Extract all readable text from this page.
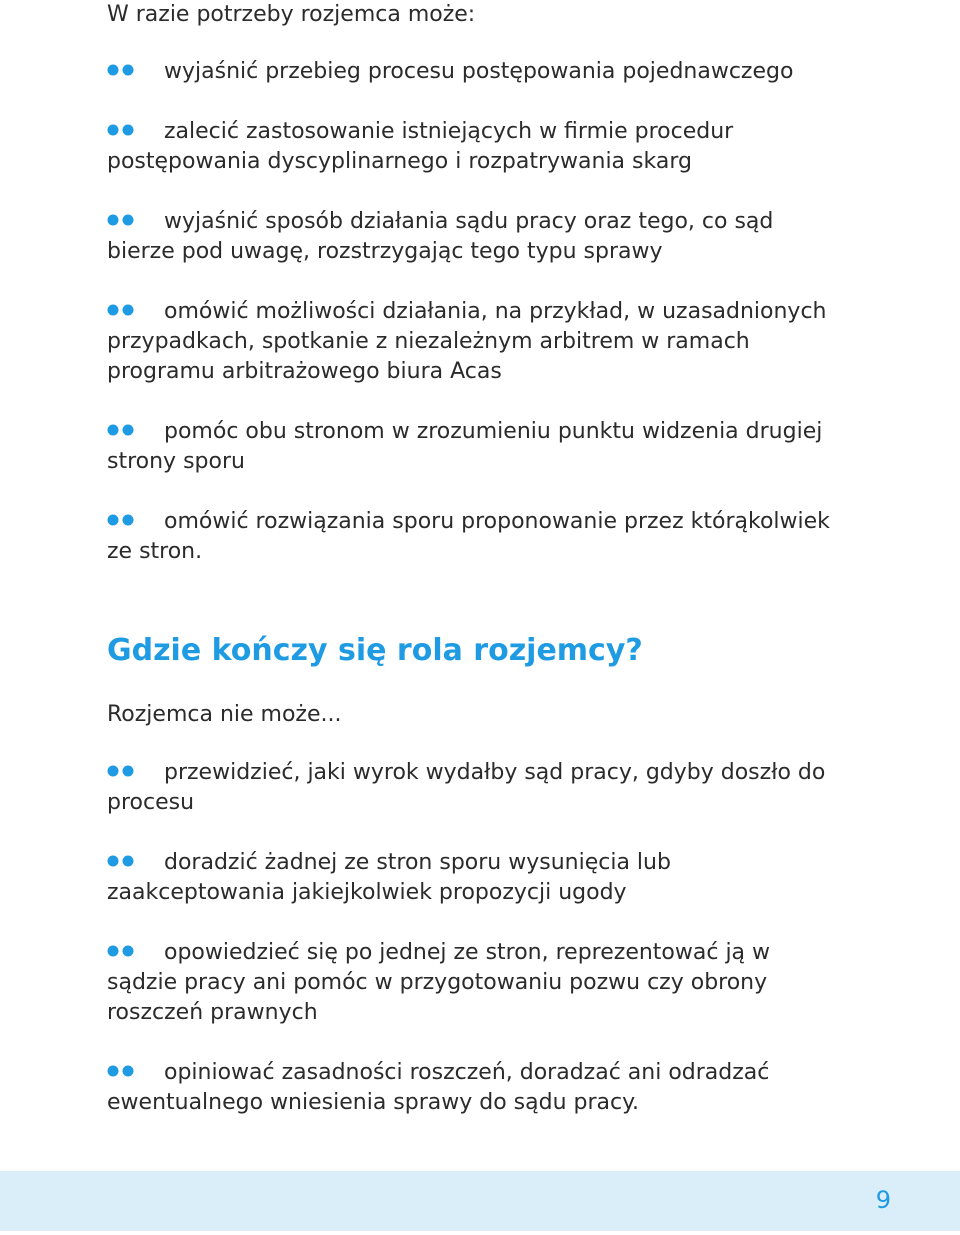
W razie potrzeby rozjemca może:
wyjaśnić przebieg procesu postępowania pojednawczego
zalecić zastosowanie istniejących w firmie procedur postępowania dyscyplinarnego i rozpatrywania skarg
wyjaśnić sposób działania sądu pracy oraz tego, co sąd bierze pod uwagę, rozstrzygając tego typu sprawy
omówić możliwości działania, na przykład, w uzasadnionych przypadkach, spotkanie z niezależnym arbitrem w ramach programu arbitrażowego biura Acas
pomóc obu stronom w zrozumieniu punktu widzenia drugiej strony sporu
omówić rozwiązania sporu proponowanie przez którąkolwiek ze stron.
Gdzie kończy się rola rozjemcy?
Rozjemca nie może...
przewidzieć, jaki wyrok wydałby sąd pracy, gdyby doszło do procesu
doradzić żadnej ze stron sporu wysunięcia lub zaakceptowania jakiejkolwiek propozycji ugody
opowiedzieć się po jednej ze stron, reprezentować ją w sądzie pracy ani pomóc w przygotowaniu pozwu czy obrony roszczeń prawnych
opiniować zasadności roszczeń, doradzać ani odradzać ewentualnego wniesienia sprawy do sądu pracy.
9
